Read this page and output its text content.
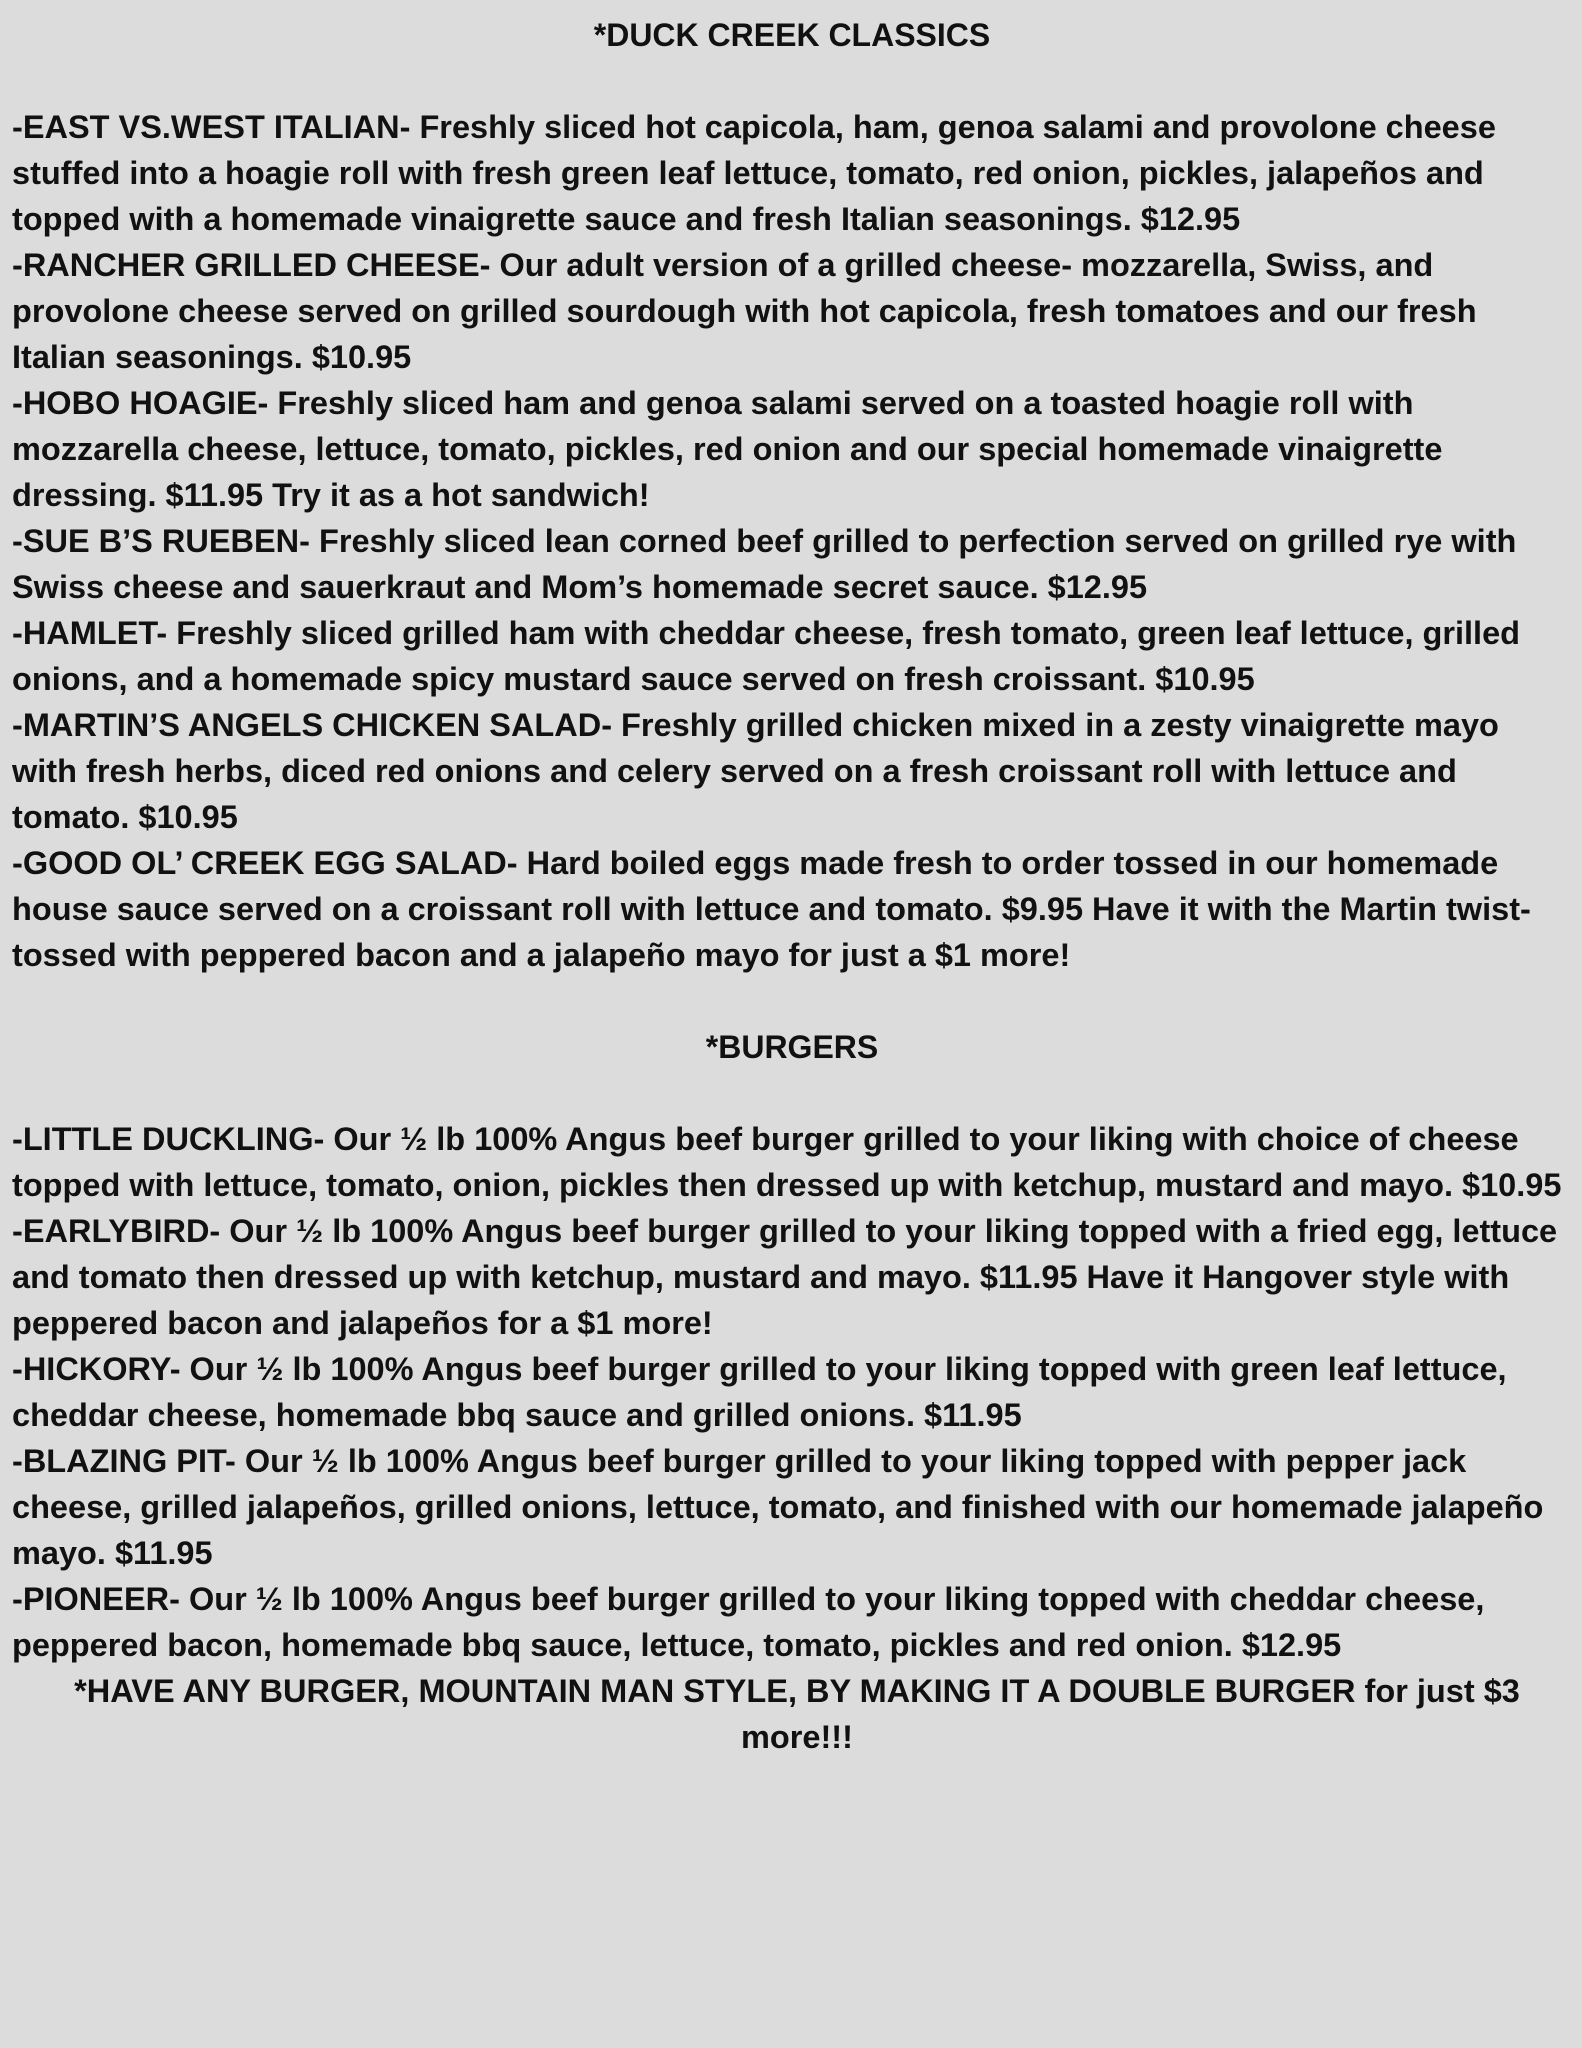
*DUCK CREEK CLASSICS
-EAST VS.WEST ITALIAN- Freshly sliced hot capicola, ham, genoa salami and provolone cheese stuffed into a hoagie roll with fresh green leaf lettuce, tomato, red onion, pickles, jalapeños and topped with a homemade vinaigrette sauce and fresh Italian seasonings. $12.95
-RANCHER GRILLED CHEESE- Our adult version of a grilled cheese- mozzarella, Swiss, and provolone cheese served on grilled sourdough with hot capicola, fresh tomatoes and our fresh Italian seasonings. $10.95
-HOBO HOAGIE- Freshly sliced ham and genoa salami served on a toasted hoagie roll with mozzarella cheese, lettuce, tomato, pickles, red onion and our special homemade vinaigrette dressing. $11.95 Try it as a hot sandwich!
-SUE B’S RUEBEN- Freshly sliced lean corned beef grilled to perfection served on grilled rye with Swiss cheese and sauerkraut and Mom’s homemade secret sauce. $12.95
-HAMLET- Freshly sliced grilled ham with cheddar cheese, fresh tomato, green leaf lettuce, grilled onions, and a homemade spicy mustard sauce served on fresh croissant. $10.95
-MARTIN’S ANGELS CHICKEN SALAD- Freshly grilled chicken mixed in a zesty vinaigrette mayo with fresh herbs, diced red onions and celery served on a fresh croissant roll with lettuce and tomato. $10.95
-GOOD OL’ CREEK EGG SALAD- Hard boiled eggs made fresh to order tossed in our homemade house sauce served on a croissant roll with lettuce and tomato. $9.95 Have it with the Martin twist- tossed with peppered bacon and a jalapeño mayo for just a $1 more!
*BURGERS
-LITTLE DUCKLING- Our ½ lb 100% Angus beef burger grilled to your liking with choice of cheese topped with lettuce, tomato, onion, pickles then dressed up with ketchup, mustard and mayo. $10.95
-EARLYBIRD- Our ½ lb 100% Angus beef burger grilled to your liking topped with a fried egg, lettuce and tomato then dressed up with ketchup, mustard and mayo. $11.95 Have it Hangover style with peppered bacon and jalapeños for a $1 more!
-HICKORY- Our ½ lb 100% Angus beef burger grilled to your liking topped with green leaf lettuce, cheddar cheese, homemade bbq sauce and grilled onions. $11.95
-BLAZING PIT- Our ½ lb 100% Angus beef burger grilled to your liking topped with pepper jack cheese, grilled jalapeños, grilled onions, lettuce, tomato, and finished with our homemade jalapeño mayo. $11.95
-PIONEER- Our ½ lb 100% Angus beef burger grilled to your liking topped with cheddar cheese, peppered bacon, homemade bbq sauce, lettuce, tomato, pickles and red onion. $12.95

*HAVE ANY BURGER, MOUNTAIN MAN STYLE, BY MAKING IT A DOUBLE BURGER for just $3 more!!!
